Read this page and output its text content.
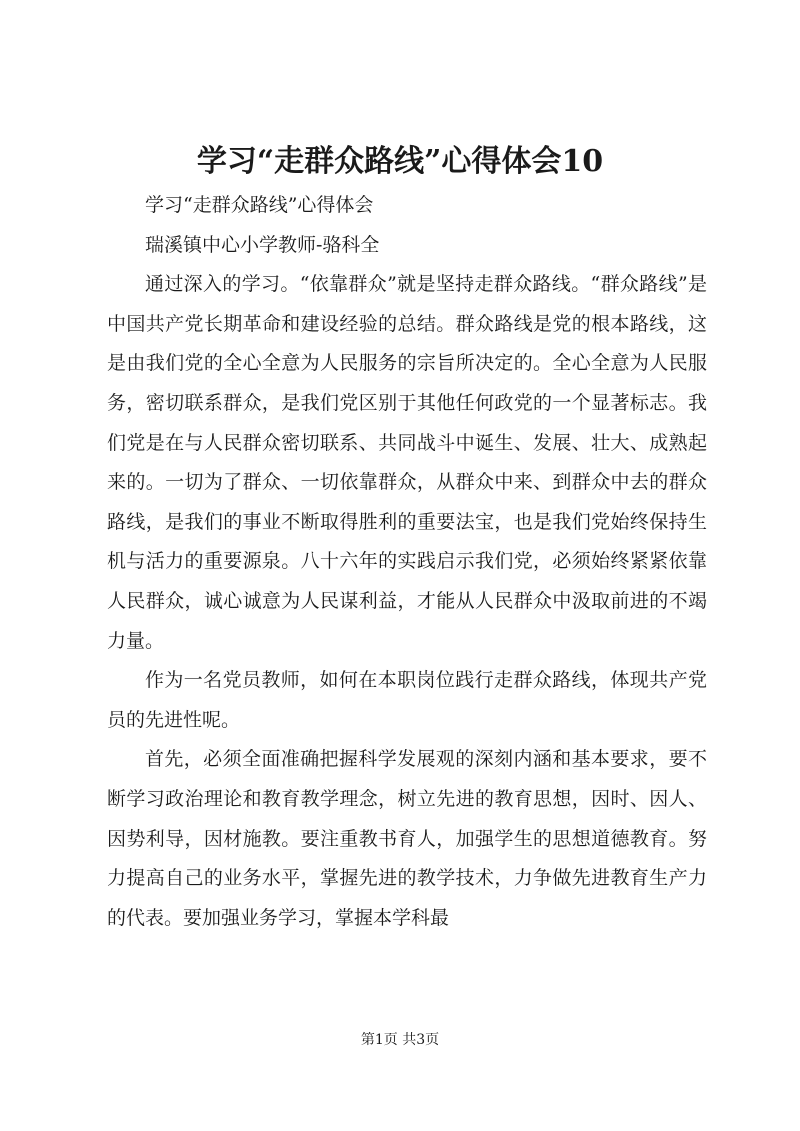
学习“走群众路线”心得体会10

学习“走群众路线”心得体会

瑞溪镇中心小学教师-骆科全

通过深入的学习。“依靠群众”就是坚持走群众路线。“群众路线”是中国共产党长期革命和建设经验的总结。群众路线是党的根本路线，这是由我们党的全心全意为人民服务的宗旨所决定的。全心全意为人民服务，密切联系群众，是我们党区别于其他任何政党的一个显著标志。我们党是在与人民群众密切联系、共同战斗中诞生、发展、壮大、成熟起来的。一切为了群众、一切依靠群众，从群众中来、到群众中去的群众路线，是我们的事业不断取得胜利的重要法宝，也是我们党始终保持生机与活力的重要源泉。八十六年的实践启示我们党，必须始终紧紧依靠人民群众，诚心诚意为人民谋利益，才能从人民群众中汲取前进的不竭力量。

作为一名党员教师，如何在本职岗位践行走群众路线，体现共产党员的先进性呢。

首先，必须全面准确把握科学发展观的深刻内涵和基本要求，要不断学习政治理论和教育教学理念，树立先进的教育思想，因时、因人、因势利导，因材施教。要注重教书育人，加强学生的思想道德教育。努力提高自己的业务水平，掌握先进的教学技术，力争做先进教育生产力的代表。要加强业务学习，掌握本学科最

第1页 共3页
